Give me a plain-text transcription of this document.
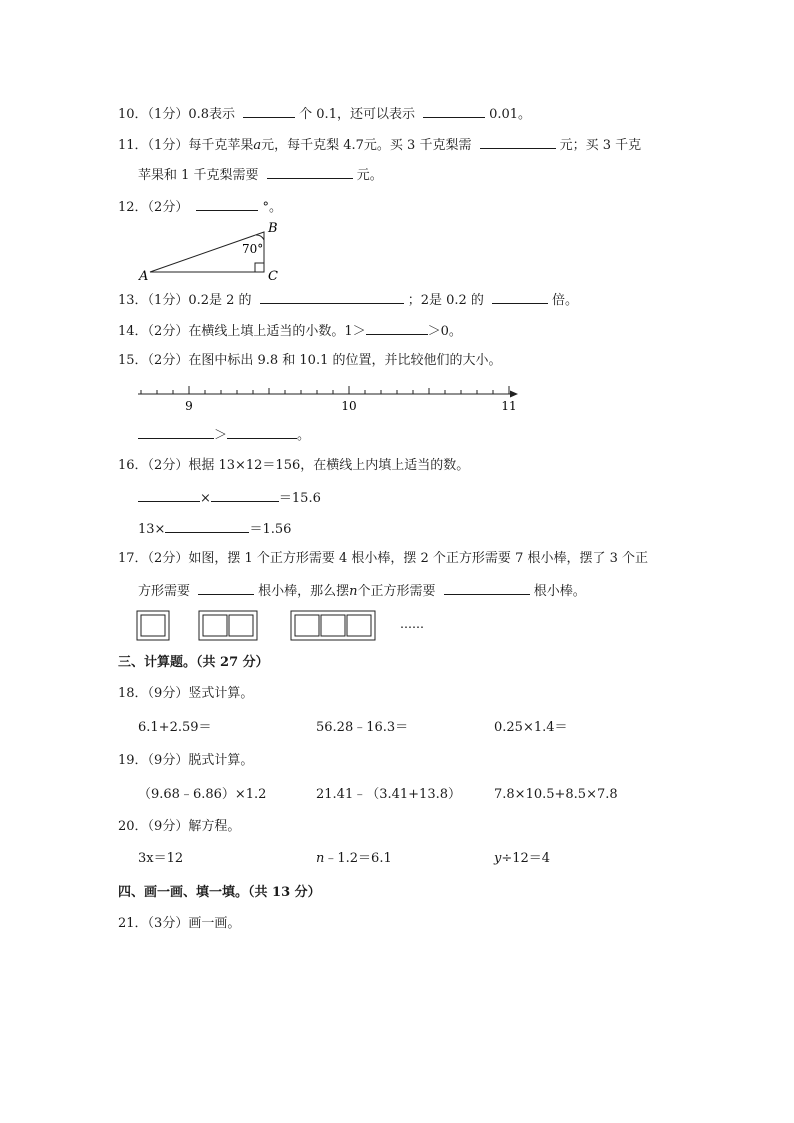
10．（1分）0.8表示	个 0.1，还可以表示	0.01。
11．（1分）每千克苹果a元，每千克梨 4.7元。买 3 千克梨需	元；买 3 千克
苹果和 1 千克梨需要	元。
12．（2分）	°。
A
B
C
70°
13．（1分）0.2是 2 的	；2是 0.2 的	倍。
14．（2分）在横线上填上适当的小数。1＞	＞0。
15．（2分）在图中标出 9.8 和 10.1 的位置，并比较他们的大小。
9	10	11
＞	。
16．（2分）根据 13×12＝156，在横线上内填上适当的数。
×	＝15.6
13×	＝1.56
17．（2分）如图，摆 1 个正方形需要 4 根小棒，摆 2 个正方形需要 7 根小棒，摆了 3 个正
方形需要	根小棒，那么摆n个正方形需要	根小棒。
……
三、计算题。（共 27 分）
18．（9分）竖式计算。
6.1+2.59＝	56.28﹣16.3＝	0.25×1.4＝
19．（9分）脱式计算。
（9.68﹣6.86）×1.2	21.41﹣（3.41+13.8）	7.8×10.5+8.5×7.8
20．（9分）解方程。
3x＝12	n﹣1.2＝6.1	y÷12＝4
四、画一画、填一填。（共 13 分）
21．（3分）画一画。
